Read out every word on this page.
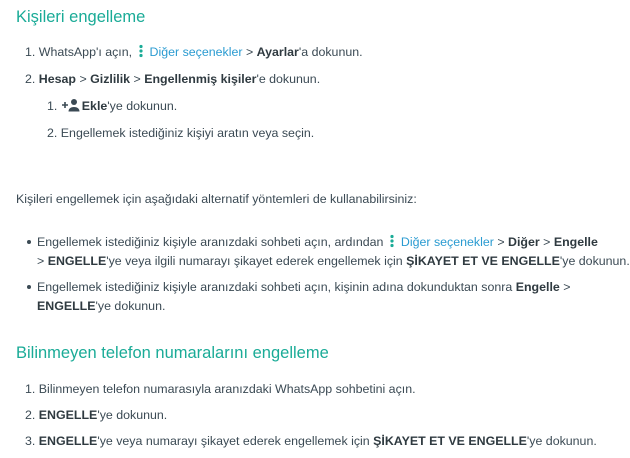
Kişileri engelleme
1. WhatsApp'ı açın, Diğer seçenekler > Ayarlar'a dokunun.
2. Hesap > Gizlilik > Engellenmiş kişiler'e dokunun.
1. Ekle'ye dokunun.
2. Engellemek istediğiniz kişiyi aratın veya seçin.
Kişileri engellemek için aşağıdaki alternatif yöntemleri de kullanabilirsiniz:
Engellemek istediğiniz kişiyle aranızdaki sohbeti açın, ardından Diğer seçenekler > Diğer > Engelle
> ENGELLE'ye veya ilgili numarayı şikayet ederek engellemek için ŞİKAYET ET VE ENGELLE'ye dokunun.
Engellemek istediğiniz kişiyle aranızdaki sohbeti açın, kişinin adına dokunduktan sonra Engelle >
ENGELLE'ye dokunun.
Bilinmeyen telefon numaralarını engelleme
1. Bilinmeyen telefon numarasıyla aranızdaki WhatsApp sohbetini açın.
2. ENGELLE'ye dokunun.
3. ENGELLE'ye veya numarayı şikayet ederek engellemek için ŞİKAYET ET VE ENGELLE'ye dokunun.
